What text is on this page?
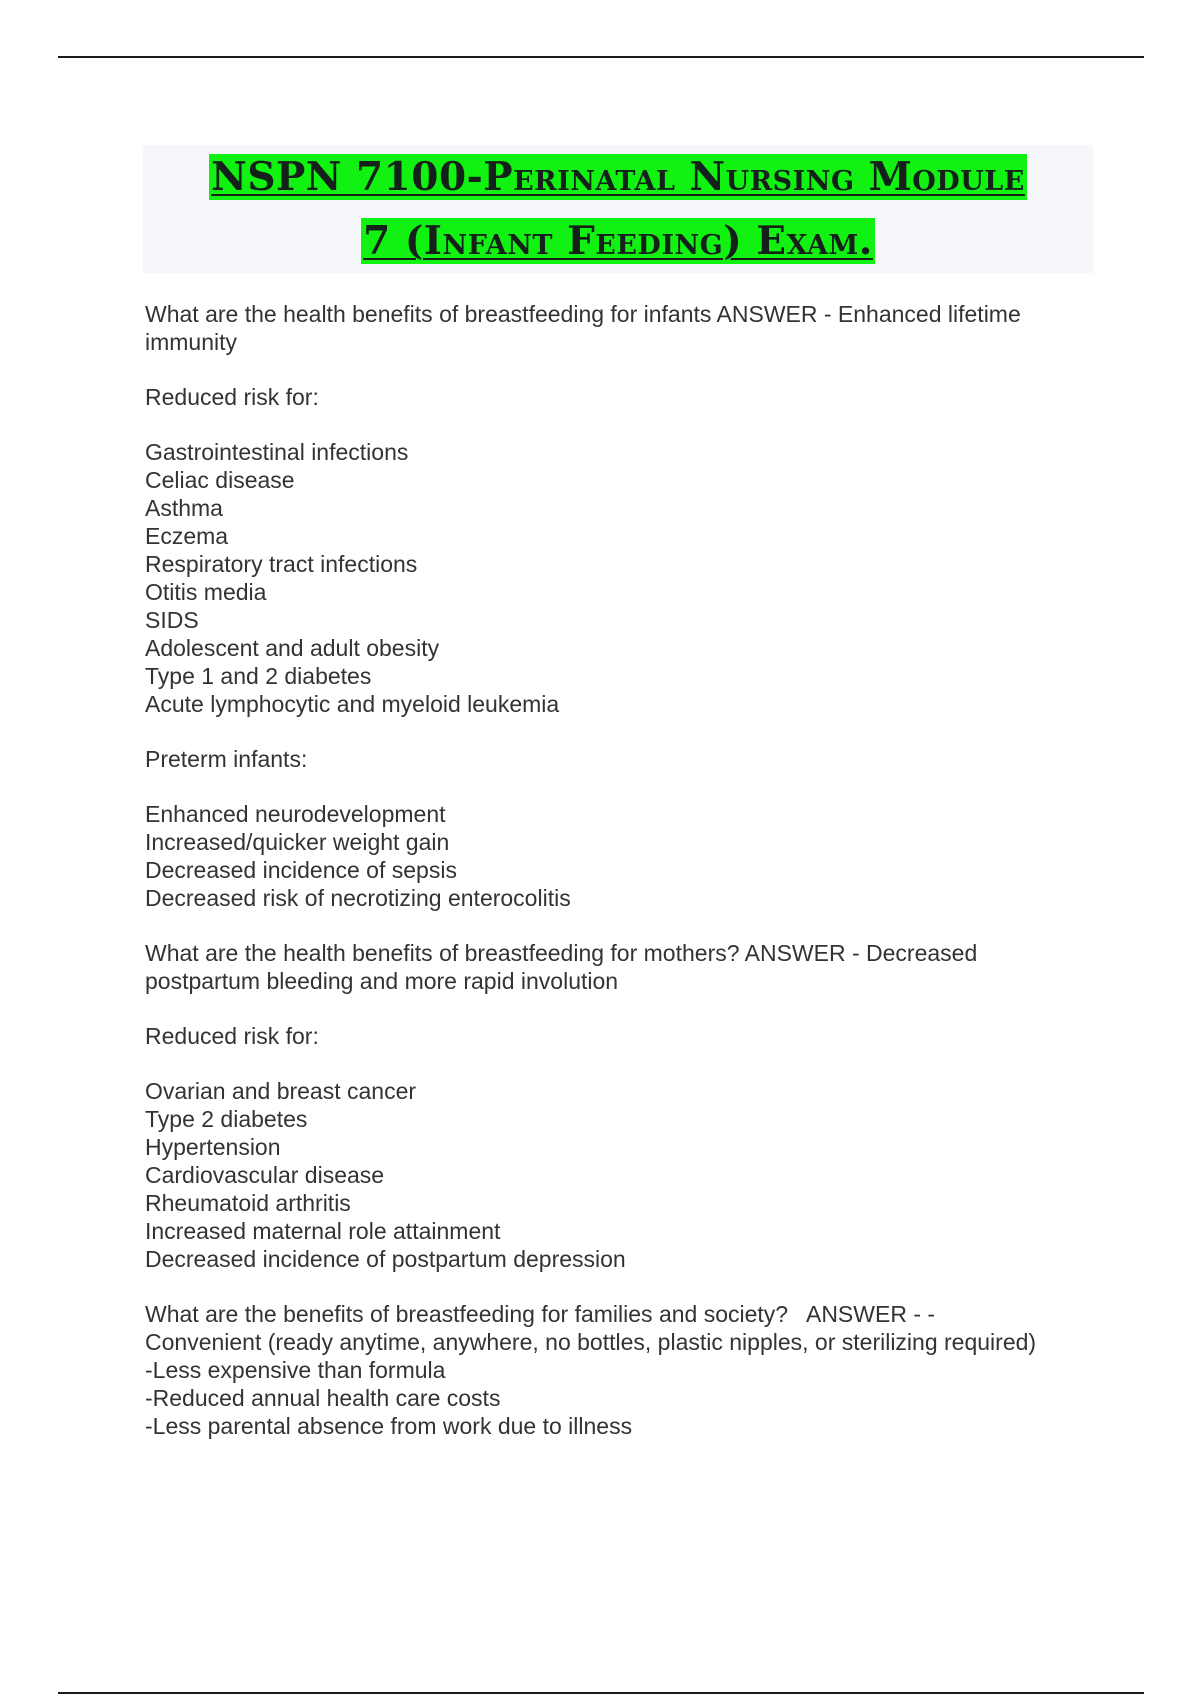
NSPN 7100-Perinatal Nursing Module
7 (Infant Feeding) Exam.

What are the health benefits of breastfeeding for infants ANSWER - Enhanced lifetime immunity

Reduced risk for:

Gastrointestinal infections
Celiac disease
Asthma
Eczema
Respiratory tract infections
Otitis media
SIDS
Adolescent and adult obesity
Type 1 and 2 diabetes
Acute lymphocytic and myeloid leukemia

Preterm infants:

Enhanced neurodevelopment
Increased/quicker weight gain
Decreased incidence of sepsis
Decreased risk of necrotizing enterocolitis

What are the health benefits of breastfeeding for mothers? ANSWER - Decreased postpartum bleeding and more rapid involution

Reduced risk for:

Ovarian and breast cancer
Type 2 diabetes
Hypertension
Cardiovascular disease
Rheumatoid arthritis
Increased maternal role attainment
Decreased incidence of postpartum depression
What are the benefits of breastfeeding for families and society?   ANSWER - -
Convenient (ready anytime, anywhere, no bottles, plastic nipples, or sterilizing required)
-Less expensive than formula
-Reduced annual health care costs
-Less parental absence from work due to illness
